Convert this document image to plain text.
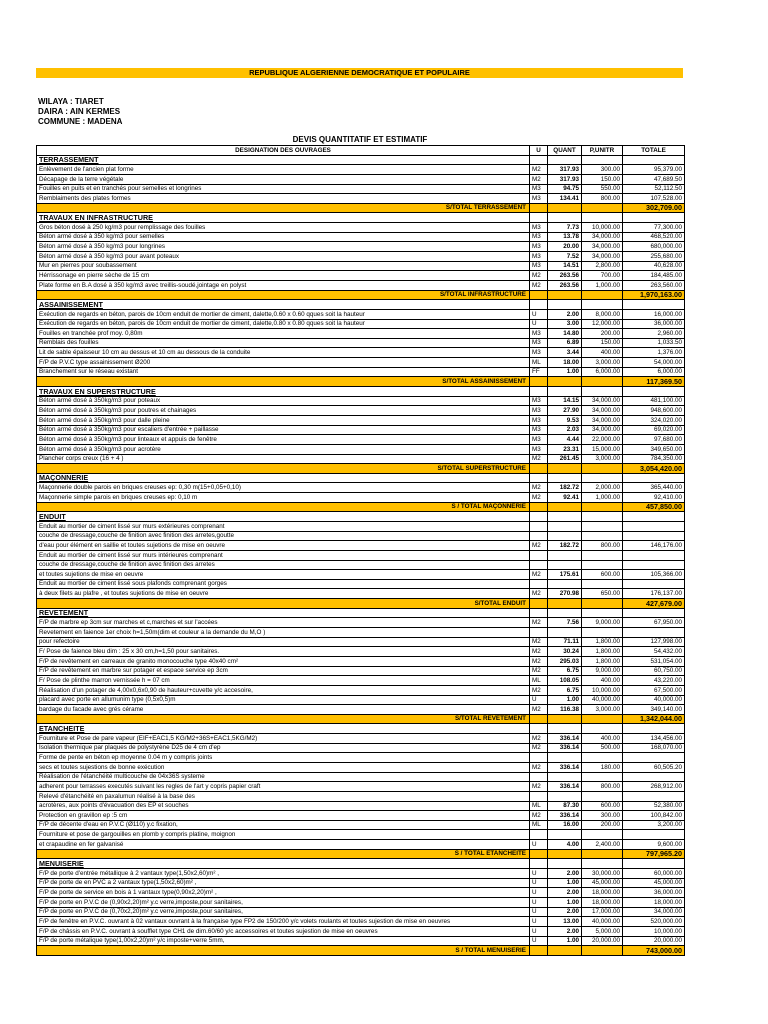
REPUBLIQUE ALGERIENNE DEMOCRATIQUE ET POPULAIRE
WILAYA : TIARET
DAIRA : AIN KERMES
COMMUNE : MADENA
DEVIS QUANTITATIF ET ESTIMATIF
DESIGNATION DES OUVRAGES	U	QUANT	P,UNITR	TOTALE
TERRASSEMENT				
Enlèvement de l'ancien plat forme	M2	317.93	300.00	95,379.00
Décapage de la terre végétale	M2	317.93	150.00	47,689.50
Fouilles en puits et en tranchés pour semelles et longrines	M3	94.75	550.00	52,112.50
Remblaiments des plates formes	M3	134.41	800.00	107,528.00
S/TOTAL TERRASSEMENT				302,709.00
TRAVAUX EN INFRASTRUCTURE				
Gros béton dosé à 250 kg/m3 pour remplissage des fouilles	M3	7.73	10,000.00	77,300.00
Béton armé dosé à 350 kg/m3 pour semelles	M3	13.78	34,000.00	468,520.00
Béton armé dosé à 350 kg/m3 pour longrines	M3	20.00	34,000.00	680,000.00
Béton armé dosé à 350 kg/m3 pour avant poteaux	M3	7.52	34,000.00	255,680.00
Mur en pierres pour soubassement	M3	14.51	2,800.00	40,628.00
Hérrissonage en pierre sèche de 15 cm	M2	263.56	700.00	184,485.00
Plate forme en B.A dosé à 350 kg/m3 avec treillis-soudé,jointage en polyst	M2	263.56	1,000.00	263,560.00
S/TOTAL INFRASTRUCTURE				1,970,163.00
ASSAINISSEMENT				
Exécution de regards en béton, parois de 10cm enduit de mortier de ciment, dalette,0.60 x 0.60 qques soit la hauteur	U	2.00	8,000.00	16,000.00
Exécution de regards en béton, parois de 10cm enduit de mortier de ciment, dalette,0.80 x 0.80 qques soit la hauteur	U	3.00	12,000.00	36,000.00
Fouilles en tranchée prof moy. 0,80m	M3	14.80	200.00	2,960.00
Remblais des fouilles	M3	6.89	150.00	1,033.50
Lit de sable épaisseur 10 cm au dessus et 10 cm au dessous de la conduite	M3	3.44	400.00	1,376.00
F/P de P.V.C type assainissement Ø200	ML	18.00	3,000.00	54,000.00
Branchement sur le réseau existant	FF	1.00	6,000.00	6,000.00
S/TOTAL ASSAINISSEMENT				117,369.50
TRAVAUX EN SUPERSTRUCTURE				
Béton armé dosé à 350kg/m3 pour poteaux	M3	14.15	34,000.00	481,100.00
Béton armé dosé à 350kg/m3 pour poutres et chainages	M3	27.90	34,000.00	948,600.00
Béton armé dosé à 350kg/m3 pour dalle pleine	M3	9.53	34,000.00	324,020.00
Béton armé dosé à 350kg/m3 pour escaliers d'entrée + paillasse	M3	2.03	34,000.00	69,020.00
Béton armé dosé à 350kg/m3 pour linteaux et appuis de fenêtre	M3	4.44	22,000.00	97,680.00
Béton armé dosé à 350kg/m3 pour acrotère	M3	23.31	15,000.00	349,650.00
Plancher corps creux (16 + 4 )	M2	261.45	3,000.00	784,350.00
S/TOTAL SUPERSTRUCTURE				3,054,420.00
MAÇONNERIE				
Maçonnerie double parois en briques creuses ep: 0,30 m(15+0,05+0,10)	M2	182.72	2,000.00	365,440.00
Maçonnerie simple parois en briques creuses ep: 0,10 m	M2	92.41	1,000.00	92,410.00
S / TOTAL MAÇONNERIE				457,850.00
ENDUIT				
Enduit au mortier de ciment lissé sur murs extérieures comprenant				
couche de dressage,couche de finition avec finition des arretes,goutte				
d'eau pour élément en saillie et toutes sujetions de mise en oeuvre	M2	182.72	800.00	146,176.00
Enduit au mortier de ciment lissé sur murs intérieures comprenant				
couche de dressage,couche de finition avec finition des arretes				
et toutes sujetions de mise en oeuvre	M2	175.61	600.00	105,366.00
Enduit au mortier de ciment lissé sous plafonds comprenant gorges				
à deux filets au plafre , et toutes sujetions de mise en oeuvre	M2	270.98	650.00	176,137.00
S/TOTAL ENDUIT				427,679.00
REVETEMENT				
F/P de marbre ep 3cm sur marches et c,marches et sur l'accées	M2	7.56	9,000.00	67,950.00
Revetement en faience 1er choix h=1,50m(dim et couleur a la demande du M,O )				
pour refectoire	M2	71.11	1,800.00	127,998.00
F/ Pose de faience bleu dim : 25 x 30 cm,h=1,50 pour sanitaires.	M2	30.24	1,800.00	54,432.00
F/P de revêtement en carreaux de granito monocouche type 40x40 cm²	M2	295.03	1,800.00	531,054.00
F/P de revêtement en marbre sur potager et espace service ep 3cm	M2	6.75	9,000.00	60,750.00
F/ Pose de plinthe marron vernissée h = 07 cm	ML	108.05	400.00	43,220.00
Réalisation d'un potager de 4,00x0,6x0,90 de hauteur+cuvette y/c accesoire,	M2	6.75	10,000.00	67,500.00
placard avec porte en allumunim type (0,5x0,5)m	U	1.00	40,000.00	40,000.00
bardage du facade avec grés cérame	M2	116.38	3,000.00	349,140.00
S/TOTAL REVETEMENT				1,342,044.00
ETANCHEITE				
Fourniture et Pose de pare vapeur (EIF+EAC1,5 KG/M2+36S+EAC1,5KG/M2)	M2	336.14	400.00	134,456.00
Isolation thermique par plaques de polystyrène D25 de 4 cm d'ep	M2	336.14	500.00	168,070.00
Forme de pente en béton ep moyenne 0.04 m y compris joints				
secs et toutes sujestions de bonne exécution	M2	336.14	180.00	60,505.20
Réalisation de l'étanchéité multicouche de 04x36S systeme				
adherent pour terrasses executés suivant les regles de l'art y copris papier craft	M2	336.14	800.00	268,912.00
Relevé d'étanchéité en paxalumun réalisé à la base des				
acrotères, aux points d'évacuation des EP et souches	ML	87.30	600.00	52,380.00
Protection en gravillon ep :5 cm	M2	336.14	300.00	100,842.00
F/P de décente d'eau en P.V.C (Ø110) y.c fixation,	ML	16.00	200.00	3,200.00
Fourniture et pose de gargouilles en plomb y compris platine, moignon				
et crapaudine en fer galvanisé	U	4.00	2,400.00	9,600.00
S / TOTAL ETANCHEITE				797,965.20
MENUISERIE				
F/P de porte d'entrée métallique à 2 vantaux type(1,50x2,60)m² ,	U	2.00	30,000.00	60,000.00
F/P de porte de en PVC a 2 vantaux type(1,50x2,60)m² ,	U	1.00	45,000.00	45,000.00
F/P de porte de service en bois à 1 vantaux type(0,90x2,20)m² ,	U	2.00	18,000.00	36,000.00
F/P de porte en P.V.C de (0,90x2,20)m² y.c verre,imposte,pour sanitaires,	U	1.00	18,000.00	18,000.00
F/P de porte en P.V.C de (0,70x2,20)m² y.c verre,imposte,pour sanitaires,	U	2.00	17,000.00	34,000.00
F/P de fenêtre en P.V.C. ouvrant à 02 vantaux ouvrant à la française type FP2 de 150/200 y/c volets roulants et toutes sujestion de mise en oeuvres	U	13.00	40,000.00	520,000.00
F/P de châssis en P.V.C. ouvrant à soufflet type CH1 de dim.60/60 y/c accessoires et toutes sujestion de mise en oeuvres	U	2.00	5,000.00	10,000.00
F/P de porte métalique type(1,00x2,20)m² y/c imposte+verre 5mm,	U	1.00	20,000.00	20,000.00
S / TOTAL MENUISERIE				743,000.00
